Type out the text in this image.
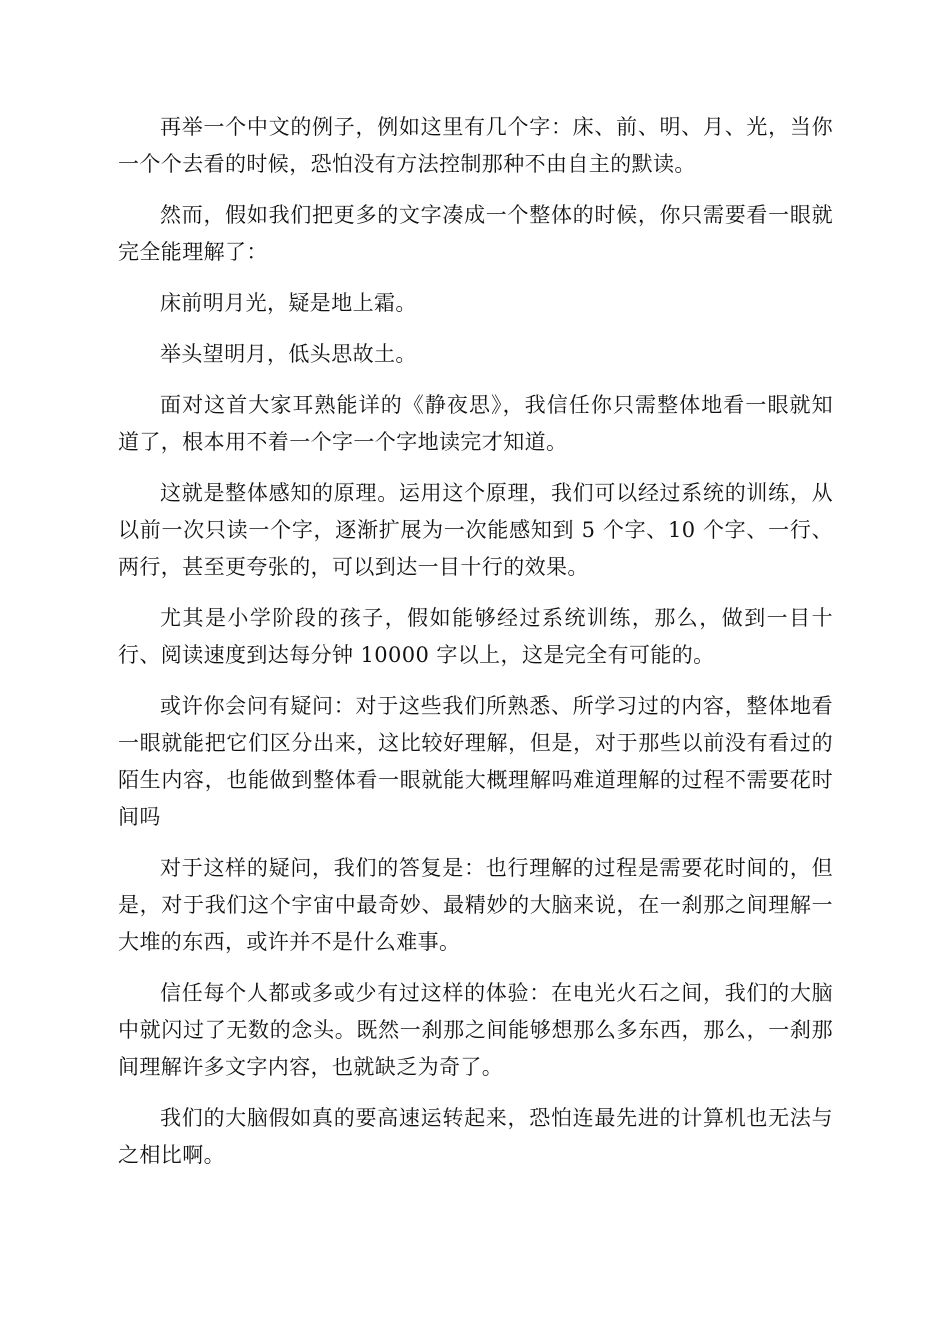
再举一个中文的例子，例如这里有几个字：床、前、明、月、光，当你一个个去看的时候，恐怕没有方法控制那种不由自主的默读。

然而，假如我们把更多的文字凑成一个整体的时候，你只需要看一眼就完全能理解了：

床前明月光，疑是地上霜。

举头望明月，低头思故土。

面对这首大家耳熟能详的《静夜思》，我信任你只需整体地看一眼就知道了，根本用不着一个字一个字地读完才知道。

这就是整体感知的原理。运用这个原理，我们可以经过系统的训练，从以前一次只读一个字，逐渐扩展为一次能感知到 5 个字、10 个字、一行、两行，甚至更夸张的，可以到达一目十行的效果。

尤其是小学阶段的孩子，假如能够经过系统训练，那么，做到一目十行、阅读速度到达每分钟 10000 字以上，这是完全有可能的。

或许你会问有疑问：对于这些我们所熟悉、所学习过的内容，整体地看一眼就能把它们区分出来，这比较好理解，但是，对于那些以前没有看过的陌生内容，也能做到整体看一眼就能大概理解吗难道理解的过程不需要花时间吗

对于这样的疑问，我们的答复是：也行理解的过程是需要花时间的，但是，对于我们这个宇宙中最奇妙、最精妙的大脑来说，在一刹那之间理解一大堆的东西，或许并不是什么难事。

信任每个人都或多或少有过这样的体验：在电光火石之间，我们的大脑中就闪过了无数的念头。既然一刹那之间能够想那么多东西，那么，一刹那间理解许多文字内容，也就缺乏为奇了。

我们的大脑假如真的要高速运转起来，恐怕连最先进的计算机也无法与之相比啊。
